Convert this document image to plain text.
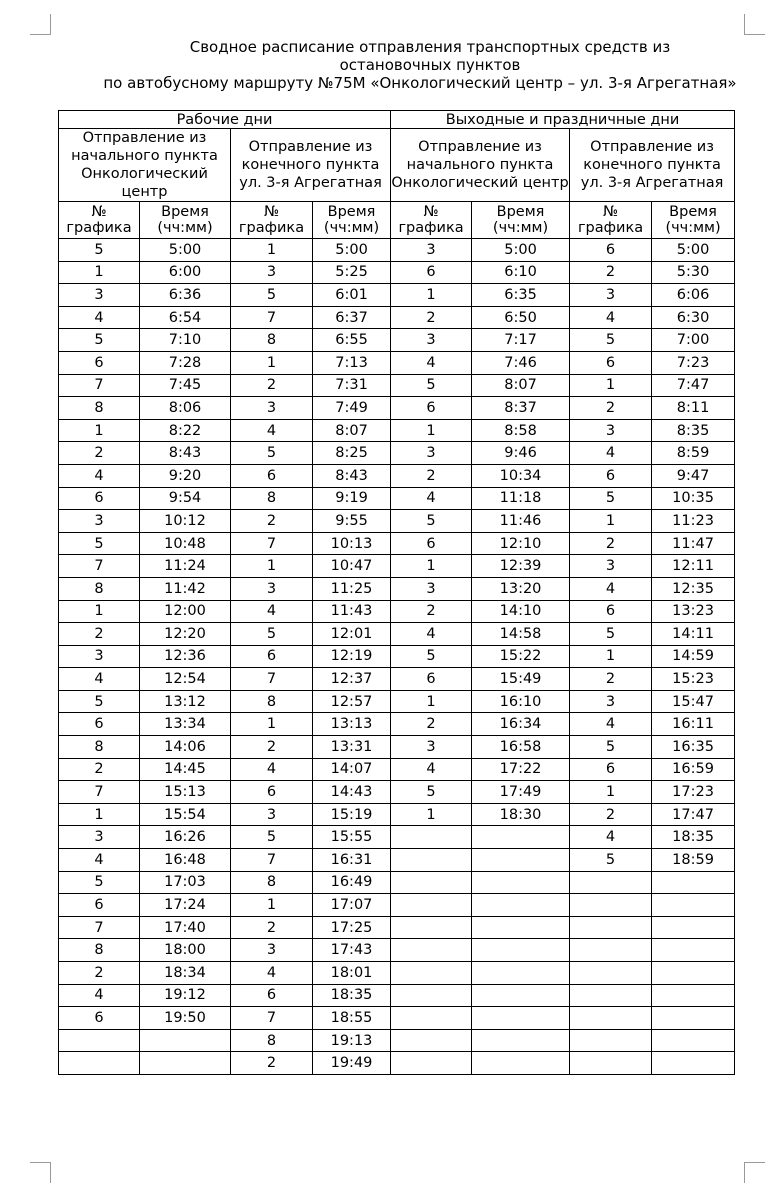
Сводное расписание отправления транспортных средств из остановочных пунктов
по автобусному маршруту №75М «Онкологический центр – ул. 3-я Агрегатная»
Рабочие дни				Выходные и праздничные дни			
Отправление из начального пункта Онкологический центр		Отправление из конечного пункта ул. 3-я Агрегатная		Отправление из начального пункта Онкологический центр		Отправление из конечного пункта ул. 3-я Агрегатная	
№ графика	Время (чч:мм)	№ графика	Время (чч:мм)	№ графика	Время (чч:мм)	№ графика	Время (чч:мм)
5	5:00	1	5:00	3	5:00	6	5:00
1	6:00	3	5:25	6	6:10	2	5:30
3	6:36	5	6:01	1	6:35	3	6:06
4	6:54	7	6:37	2	6:50	4	6:30
5	7:10	8	6:55	3	7:17	5	7:00
6	7:28	1	7:13	4	7:46	6	7:23
7	7:45	2	7:31	5	8:07	1	7:47
8	8:06	3	7:49	6	8:37	2	8:11
1	8:22	4	8:07	1	8:58	3	8:35
2	8:43	5	8:25	3	9:46	4	8:59
4	9:20	6	8:43	2	10:34	6	9:47
6	9:54	8	9:19	4	11:18	5	10:35
3	10:12	2	9:55	5	11:46	1	11:23
5	10:48	7	10:13	6	12:10	2	11:47
7	11:24	1	10:47	1	12:39	3	12:11
8	11:42	3	11:25	3	13:20	4	12:35
1	12:00	4	11:43	2	14:10	6	13:23
2	12:20	5	12:01	4	14:58	5	14:11
3	12:36	6	12:19	5	15:22	1	14:59
4	12:54	7	12:37	6	15:49	2	15:23
5	13:12	8	12:57	1	16:10	3	15:47
6	13:34	1	13:13	2	16:34	4	16:11
8	14:06	2	13:31	3	16:58	5	16:35
2	14:45	4	14:07	4	17:22	6	16:59
7	15:13	6	14:43	5	17:49	1	17:23
1	15:54	3	15:19	1	18:30	2	17:47
3	16:26	5	15:55			4	18:35
4	16:48	7	16:31			5	18:59
5	17:03	8	16:49				
6	17:24	1	17:07				
7	17:40	2	17:25				
8	18:00	3	17:43				
2	18:34	4	18:01				
4	19:12	6	18:35				
6	19:50	7	18:55				
		8	19:13				
		2	19:49				
